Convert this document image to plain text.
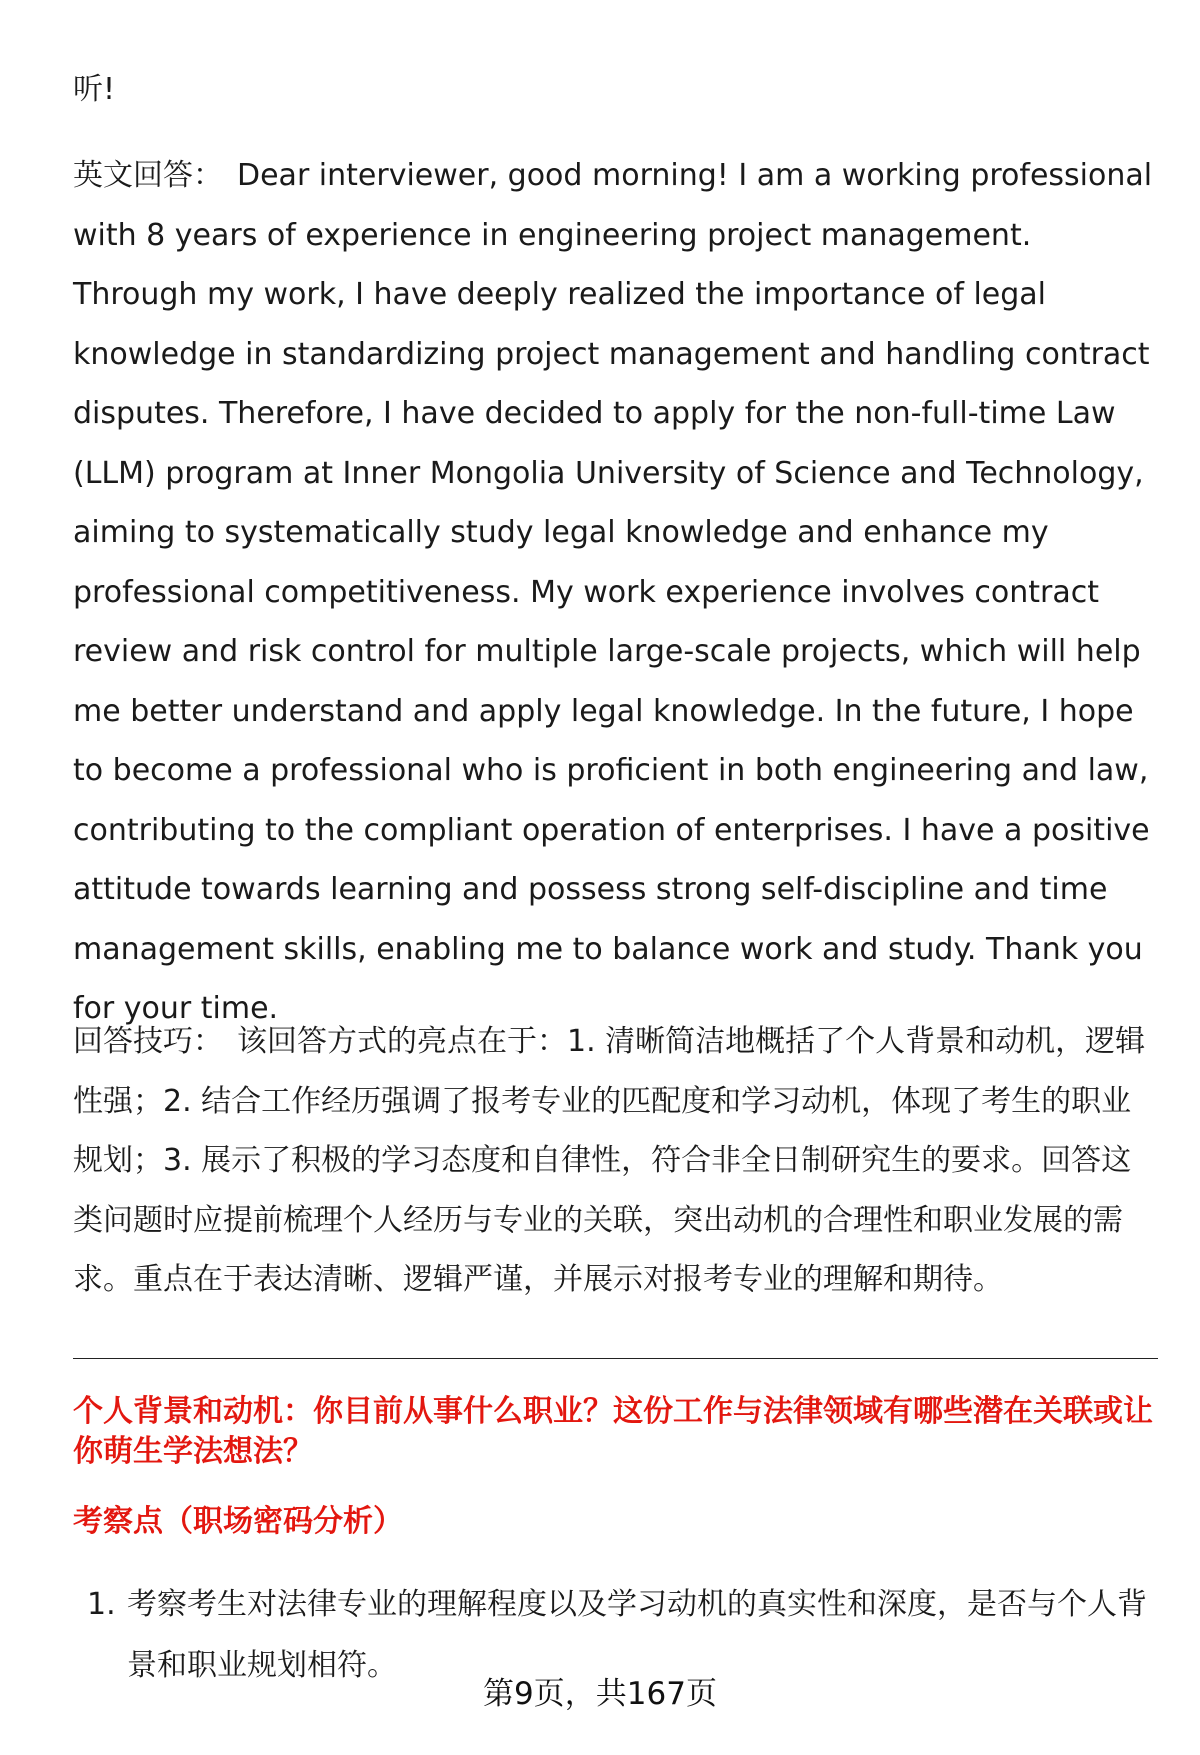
听!

英文回答： Dear interviewer, good morning! I am a working professional with 8 years of experience in engineering project management. Through my work, I have deeply realized the importance of legal knowledge in standardizing project management and handling contract disputes. Therefore, I have decided to apply for the non-full-time Law (LLM) program at Inner Mongolia University of Science and Technology, aiming to systematically study legal knowledge and enhance my professional competitiveness. My work experience involves contract review and risk control for multiple large-scale projects, which will help me better understand and apply legal knowledge. In the future, I hope to become a professional who is proficient in both engineering and law, contributing to the compliant operation of enterprises. I have a positive attitude towards learning and possess strong self-discipline and time management skills, enabling me to balance work and study. Thank you for your time.

回答技巧： 该回答方式的亮点在于：1. 清晰简洁地概括了个人背景和动机，逻辑性强；2. 结合工作经历强调了报考专业的匹配度和学习动机，体现了考生的职业规划；3. 展示了积极的学习态度和自律性，符合非全日制研究生的要求。回答这类问题时应提前梳理个人经历与专业的关联，突出动机的合理性和职业发展的需求。重点在于表达清晰、逻辑严谨，并展示对报考专业的理解和期待。

个人背景和动机：你目前从事什么职业？这份工作与法律领域有哪些潜在关联或让你萌生学法想法？
考察点（职场密码分析）
1. 考察考生对法律专业的理解程度以及学习动机的真实性和深度，是否与个人背景和职业规划相符。
第9页，共167页
